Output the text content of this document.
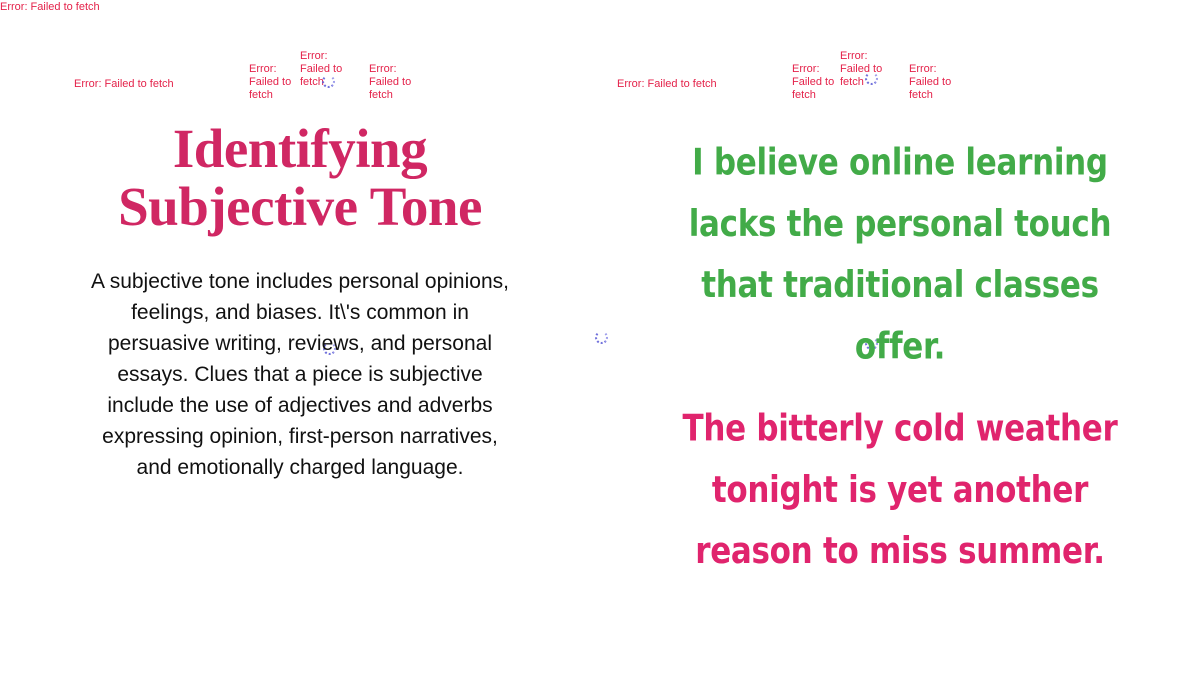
Error: Failed to fetch
Error: Failed to fetch
Error: Failed to fetch
Error: Failed to fetch
Error: Failed to fetch
Error: Failed to fetch
Error: Failed to fetch
Error: Failed to fetch
Error: Failed to fetch
Identifying
Subjective Tone

A subjective tone includes personal opinions, feelings, and biases. It\'s common in persuasive writing, reviews, and personal essays. Clues that a piece is subjective include the use of adjectives and adverbs expressing opinion, first-person narratives, and emotionally charged language.

I believe online learning lacks the personal touch that traditional classes offer.
The bitterly cold weather tonight is yet another reason to miss summer.
